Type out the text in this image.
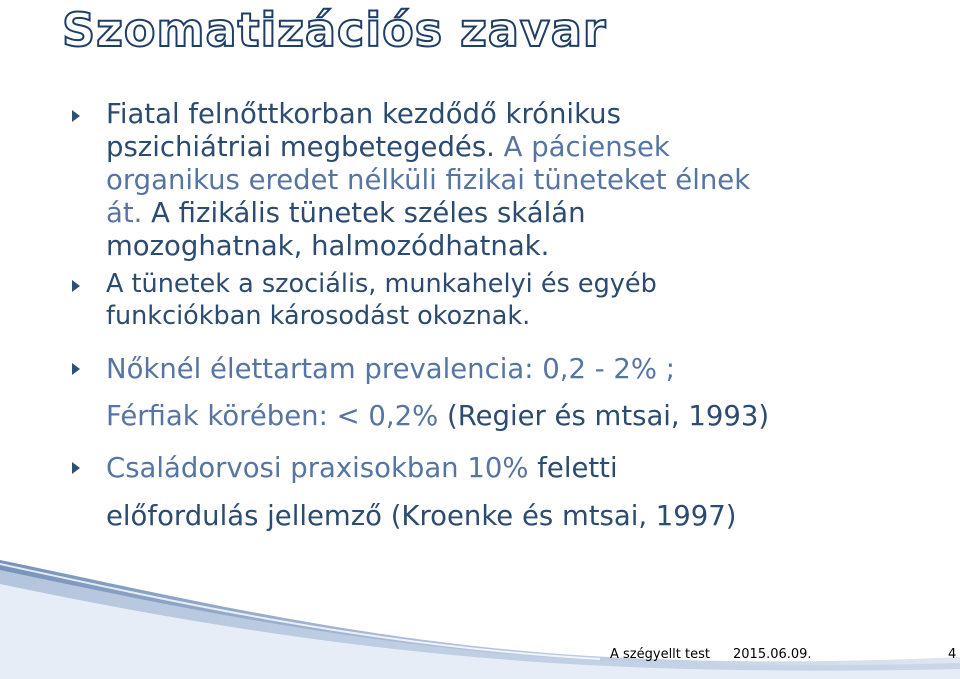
Szomatizációs zavar

Fiatal felnőttkorban kezdődő krónikus
pszichiátriai megbetegedés. A páciensek
organikus eredet nélküli fizikai tüneteket élnek
át. A fizikális tünetek széles skálán
mozoghatnak, halmozódhatnak.

A tünetek a szociális, munkahelyi és egyéb
funkciókban károsodást okoznak.

Nőknél élettartam prevalencia: 0,2 - 2% ;
Férfiak körében: < 0,2% (Regier és mtsai, 1993)

Családorvosi praxisokban 10% feletti
előfordulás jellemző (Kroenke és mtsai, 1997)

A szégyellt test 2015.06.09.	4
